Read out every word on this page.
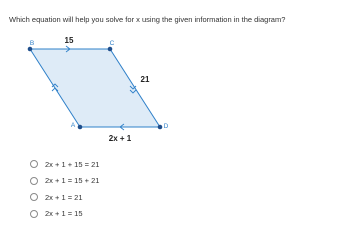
Which equation will help you solve for x using the given information in the diagram?

B	C
D
A
15
21
2x + 1
2x + 1 + 15 = 21
2x + 1 = 15 + 21
2x + 1 = 21
2x + 1 = 15
